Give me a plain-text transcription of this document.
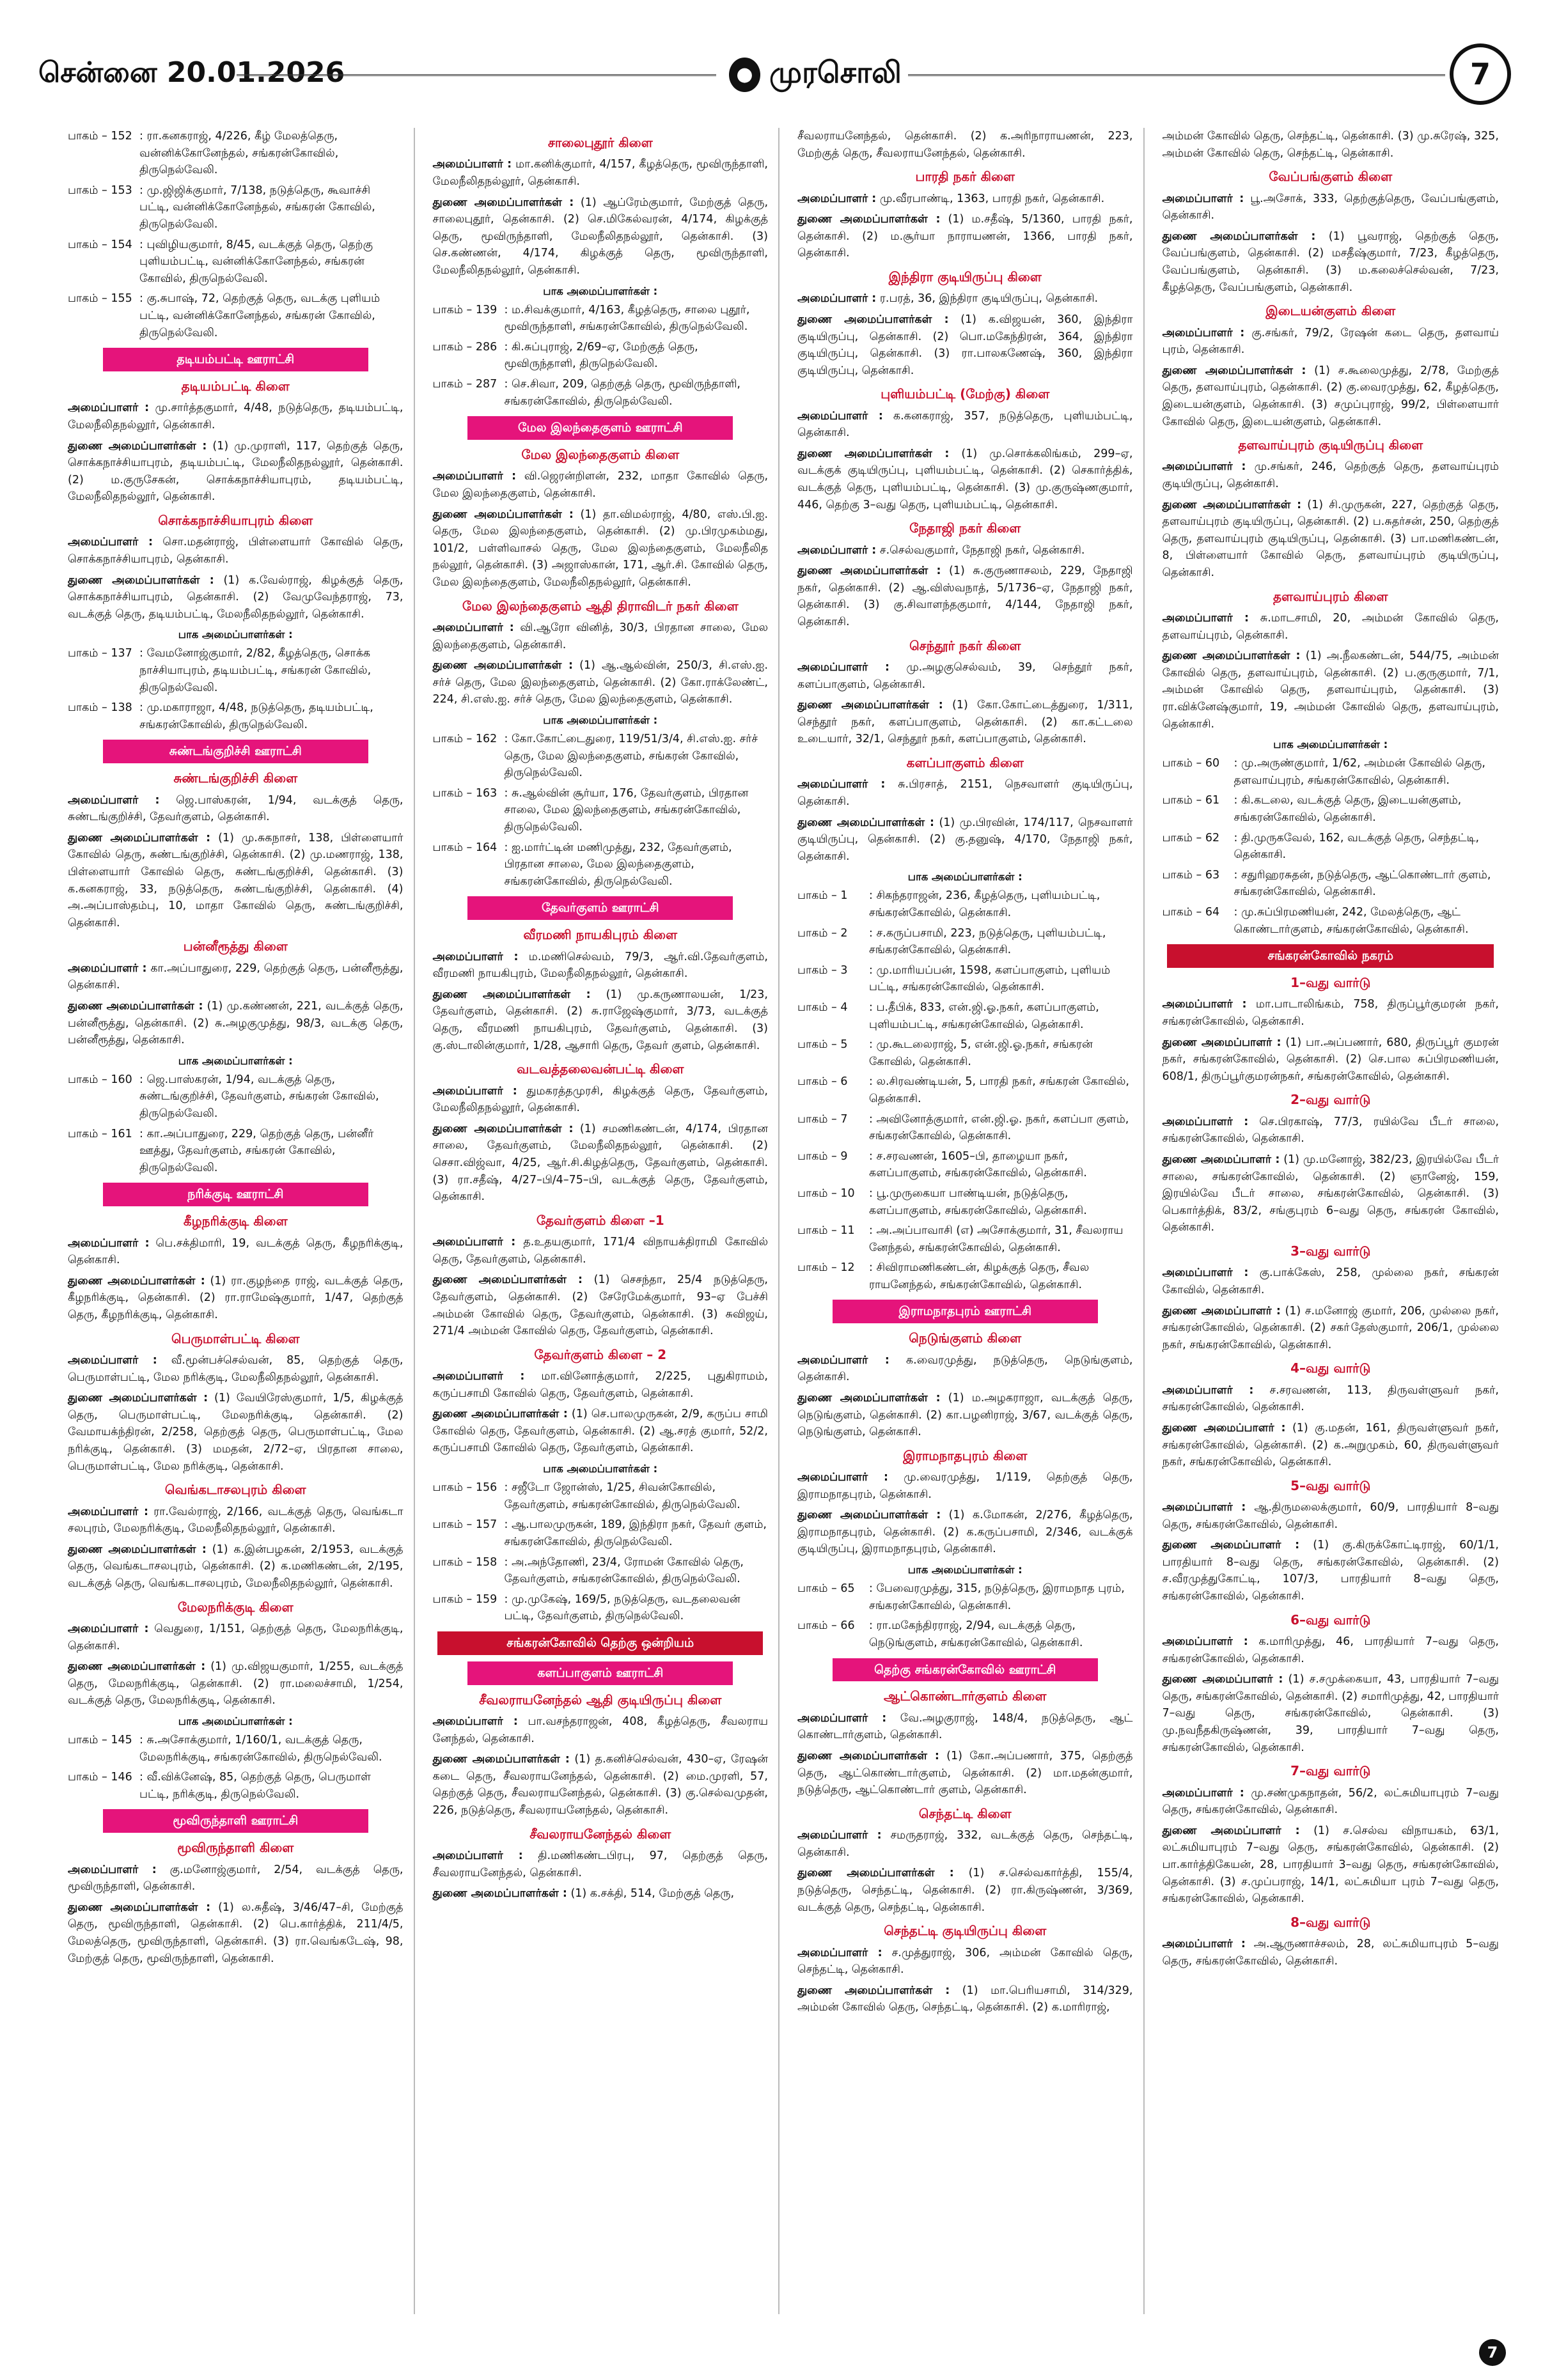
சென்னை 20.01.2026	● முரசொலி	7
பாகம் – 152 : ரா.கனகராஜ், 4/226, கீழ் மேலத்தெரு, வன்னிக்கோனேந்தல், சங்கரன்கோவில், திருநெல்வேலி.
பாகம் – 153 : மு.ஜிஜிக்குமார், 7/138, நடுத்தெரு, கூவாச்சி பட்டி, வன்னிக்கோனேந்தல், சங்கரன் கோவில், திருநெல்வேலி.
பாகம் – 154 : புவிழியகுமார், 8/45, வடக்குத் தெரு, தெற்கு புளியம்பட்டி, வன்னிக்கோனேந்தல், சங்கரன் கோவில், திருநெல்வேலி.
பாகம் – 155 : கு.சுபாஷ், 72, தெற்குத் தெரு, வடக்கு புளியம் பட்டி, வன்னிக்கோனேந்தல், சங்கரன் கோவில், திருநெல்வேலி.
தடியம்பட்டி ஊராட்சி
தடியம்பட்டி கிளை

அமைப்பாளர் : மு.சார்த்தகுமார், 4/48, நடுத்தெரு, தடியம்பட்டி, மேலநீலிதநல்லூர், தென்காசி.

துணை அமைப்பாளர்கள் : (1) மு.முராளி, 117, தெற்குத் தெரு, சொக்கநாச்சியாபுரம், தடியம்பட்டி, மேலநீலிதநல்லூர், தென்காசி. (2) ம.குருசேகன், சொக்கநாச்சியாபுரம், தடியம்பட்டி, மேலநீலிதநல்லூர், தென்காசி.

சொக்கநாச்சியாபுரம் கிளை

அமைப்பாளர் : சொ.மதன்ராஜ், பிள்ளையார் கோவில் தெரு, சொக்கநாச்சியாபுரம், தென்காசி.

துணை அமைப்பாளர்கள் : (1) க.வேல்ராஜ், கிழக்குத் தெரு, சொக்கநாச்சியாபுரம், தென்காசி. (2) வேமுவேந்தராஜ், 73, வடக்குத் தெரு, தடியம்பட்டி, மேலநீலிதநல்லூர், தென்காசி.

பாக அமைப்பாளர்கள் :
பாகம் – 137 : வேமனோஜ்குமார், 2/82, கீழத்தெரு, சொக்க நாச்சியாபுரம், தடியம்பட்டி, சங்கரன் கோவில், திருநெல்வேலி.
பாகம் – 138 : மு.மகாராஜா, 4/48, நடுத்தெரு, தடியம்பட்டி, சங்கரன்கோவில், திருநெல்வேலி.
சுண்டங்குறிச்சி ஊராட்சி
சுண்டங்குறிச்சி கிளை

அமைப்பாளர் : ஜெ.பாஸ்கரன், 1/94, வடக்குத் தெரு, சுண்டங்குறிச்சி, தேவர்குளம், தென்காசி.

துணை அமைப்பாளர்கள் : (1) மு.சுகநாசர், 138, பிள்ளையார் கோவில் தெரு, சுண்டங்குறிச்சி, தென்காசி. (2) மு.மணராஜ், 138, பிள்ளையார் கோவில் தெரு, சுண்டங்குறிச்சி, தென்காசி. (3) க.கனகராஜ், 33, நடுத்தெரு, சுண்டங்குறிச்சி, தென்காசி. (4) அ.அப்பாஸ்தம்பு, 10, மாதா கோவில் தெரு, சுண்டங்குறிச்சி, தென்காசி.

பன்னீரூத்து கிளை

அமைப்பாளர் : கா.அப்பாதுரை, 229, தெற்குத் தெரு, பன்னீரூத்து, தென்காசி.

துணை அமைப்பாளர்கள் : (1) மு.கண்ணன், 221, வடக்குத் தெரு, பன்னீரூத்து, தென்காசி. (2) சு.அழகுமுத்து, 98/3, வடக்கு தெரு, பன்னீரூத்து, தென்காசி.

பாக அமைப்பாளர்கள் :
பாகம் – 160 : ஜெ.பாஸ்கரன், 1/94, வடக்குத் தெரு, சுண்டங்குறிச்சி, தேவர்குளம், சங்கரன் கோவில், திருநெல்வேலி.
பாகம் – 161 : கா.அப்பாதுரை, 229, தெற்குத் தெரு, பன்னீர் ஊத்து, தேவர்குளம், சங்கரன் கோவில், திருநெல்வேலி.
நரிக்குடி ஊராட்சி
கீழநரிக்குடி கிளை

அமைப்பாளர் : பெ.சக்திமாரி, 19, வடக்குத் தெரு, கீழநரிக்குடி, தென்காசி.

துணை அமைப்பாளர்கள் : (1) ரா.குழந்தை ராஜ், வடக்குத் தெரு, கீழநரிக்குடி, தென்காசி. (2) ரா.ராமேஷ்குமார், 1/47, தெற்குத் தெரு, கீழநரிக்குடி, தென்காசி.

பெருமாள்பட்டி கிளை

அமைப்பாளர் : வீ.மூன்பச்செல்வன், 85, தெற்குத் தெரு, பெருமாள்பட்டி, மேல நரிக்குடி, மேலநீலிதநல்லூர், தென்காசி.

துணை அமைப்பாளர்கள் : (1) வேயிரேஸ்குமார், 1/5, கிழக்குத் தெரு, பெருமாள்பட்டி, மேலநரிக்குடி, தென்காசி. (2) வேமாயக்ந்திரன், 2/258, தெற்குத் தெரு, பெருமாள்பட்டி, மேல நரிக்குடி, தென்காசி. (3) மமதன், 2/72–ஏ, பிரதான சாலை, பெருமாள்பட்டி, மேல நரிக்குடி, தென்காசி.

வெங்கடாசலபுரம் கிளை

அமைப்பாளர் : ரா.வேல்ராஜ், 2/166, வடக்குத் தெரு, வெங்கடா சலபுரம், மேலநரிக்குடி, மேலநீலிதநல்லூர், தென்காசி.

துணை அமைப்பாளர்கள் : (1) க.இன்பழகன், 2/1953, வடக்குத் தெரு, வெங்கடாசலபுரம், தென்காசி. (2) க.மணிகண்டன், 2/195, வடக்குத் தெரு, வெங்கடாசலபுரம், மேலநீலிதநல்லூர், தென்காசி.

மேலநரிக்குடி கிளை

அமைப்பாளர் : வெதுரை, 1/151, தெற்குத் தெரு, மேலநரிக்குடி, தென்காசி.

துணை அமைப்பாளர்கள் : (1) மு.விஜயகுமார், 1/255, வடக்குத் தெரு, மேலநரிக்குடி, தென்காசி. (2) ரா.மலைச்சாமி, 1/254, வடக்குத் தெரு, மேலநரிக்குடி, தென்காசி.

பாக அமைப்பாளர்கள் :
பாகம் – 145 : சு.அசோக்குமார், 1/160/1, வடக்குத் தெரு, மேலநரிக்குடி, சங்கரன்கோவில், திருநெல்வேலி.
பாகம் – 146 : வீ.விக்னேஷ், 85, தெற்குத் தெரு, பெருமாள் பட்டி, நரிக்குடி, திருநெல்வேலி.
மூவிருந்தாளி ஊராட்சி
மூவிருந்தாளி கிளை

அமைப்பாளர் : கு.மனோஜ்குமார், 2/54, வடக்குத் தெரு, மூவிருந்தாளி, தென்காசி.

துணை அமைப்பாளர்கள் : (1) ல.சுதீஷ், 3/46/47–சி, மேற்குத் தெரு, மூவிருந்தாளி, தென்காசி. (2) பெ.கார்த்திக், 211/4/5, மேலத்தெரு, மூவிருந்தாளி, தென்காசி. (3) ரா.வெங்கடேஷ், 98, மேற்குத் தெரு, மூவிருந்தாளி, தென்காசி.

சாலைபுதூர் கிளை

அமைப்பாளர் : மா.கனிக்குமார், 4/157, கீழத்தெரு, மூவிருந்தாளி, மேலநீலிதநல்லூர், தென்காசி.

துணை அமைப்பாளர்கள் : (1) ஆப்ரேம்குமார், மேற்குத் தெரு, சாலைபுதூர், தென்காசி. (2) செ.மிகேல்வரன், 4/174, கிழக்குத் தெரு, மூவிருந்தாளி, மேலநீலிதநல்லூர், தென்காசி. (3) செ.கண்ணன், 4/174, கிழக்குத் தெரு, மூவிருந்தாளி, மேலநீலிதநல்லூர், தென்காசி.

பாக அமைப்பாளர்கள் :
பாகம் – 139 : ம.சிவக்குமார், 4/163, கீழத்தெரு, சாலை புதூர், மூவிருந்தாளி, சங்கரன்கோவில், திருநெல்வேலி.
பாகம் – 286 : கி.சுப்புராஜ், 2/69–ஏ, மேற்குத் தெரு, மூவிருந்தாளி, திருநெல்வேலி.
பாகம் – 287 : செ.சிவா, 209, தெற்குத் தெரு, மூவிருந்தாளி, சங்கரன்கோவில், திருநெல்வேலி.
மேல இலந்தைகுளம் ஊராட்சி
மேல இலந்தைகுளம் கிளை

அமைப்பாளர் : வி.ஜெரன்றிளன், 232, மாதா கோவில் தெரு, மேல இலந்தைகுளம், தென்காசி.

துணை அமைப்பாளர்கள் : (1) தா.விமல்ராஜ், 4/80, எஸ்.பி.ஐ. தெரு, மேல இலந்தைகுளம், தென்காசி. (2) மு.பிரமுகம்மது, 101/2, பள்ளிவாசல் தெரு, மேல இலந்தைகுளம், மேலநீலித நல்லூர், தென்காசி. (3) அஜாஸ்கான், 171, ஆர்.சி. கோவில் தெரு, மேல இலந்தைகுளம், மேலநீலிதநல்லூர், தென்காசி.

மேல இலந்தைகுளம் ஆதி திராவிடர் நகர் கிளை

அமைப்பாளர் : வி.ஆரோ வினித், 30/3, பிரதான சாலை, மேல இலந்தைகுளம், தென்காசி.

துணை அமைப்பாளர்கள் : (1) ஆ.ஆல்வின், 250/3, சி.எஸ்.ஐ. சர்ச் தெரு, மேல இலந்தைகுளம், தென்காசி. (2) கோ.ராக்லேண்ட், 224, சி.எஸ்.ஐ. சர்ச் தெரு, மேல இலந்தைகுளம், தென்காசி.

பாக அமைப்பாளர்கள் :
பாகம் – 162 : கோ.கோட்டைதுரை, 119/51/3/4, சி.எஸ்.ஐ. சர்ச் தெரு, மேல இலந்தைகுளம், சங்கரன் கோவில், திருநெல்வேலி.
பாகம் – 163 : சு.ஆல்வின் சூர்யா, 176, தேவர்குளம், பிரதான சாலை, மேல இலந்தைகுளம், சங்கரன்கோவில், திருநெல்வேலி.
பாகம் – 164 : ஐ.மார்ட்டின் மணிமுத்து, 232, தேவர்குளம், பிரதான சாலை, மேல இலந்தைகுளம், சங்கரன்கோவில், திருநெல்வேலி.
தேவர்குளம் ஊராட்சி
வீரமணி நாயகிபுரம் கிளை

அமைப்பாளர் : ம.மணிசெல்வம், 79/3, ஆர்.வி.தேவர்குளம், வீரமணி நாயகிபுரம், மேலநீலிதநல்லூர், தென்காசி.

துணை அமைப்பாளர்கள் : (1) மு.கருணாலயன், 1/23, தேவர்குளம், தென்காசி. (2) சு.ராஜேஷ்குமார், 3/73, வடக்குத் தெரு, வீரமணி நாயகிபுரம், தேவர்குளம், தென்காசி. (3) கு.ஸ்டாலின்குமார், 1/28, ஆசாரி தெரு, தேவர் குளம், தென்காசி.

வடவத்தலைவன்பட்டி கிளை

அமைப்பாளர் : துமகரத்தமுரசி, கிழக்குத் தெரு, தேவர்குளம், மேலநீலிதநல்லூர், தென்காசி.

துணை அமைப்பாளர்கள் : (1) சமணிகண்டன், 4/174, பிரதான சாலை, தேவர்குளம், மேலநீலிதநல்லூர், தென்காசி. (2) செசா.விஜ்வா, 4/25, ஆர்.சி.கிழத்தெரு, தேவர்குளம், தென்காசி. (3) ரா.சதீஷ், 4/27–பி/4–75–பி, வடக்குத் தெரு, தேவர்குளம், தென்காசி.

தேவர்குளம் கிளை –1

அமைப்பாளர் : த.உதயகுமார், 171/4 விநாயக்திராமி கோவில் தெரு, தேவர்குளம், தென்காசி.

துணை அமைப்பாளர்கள் : (1) செசந்தா, 25/4 நடுத்தெரு, தேவர்குளம், தென்காசி. (2) சேரேமேக்குமார், 93–ஏ பேச்சி அம்மன் கோவில் தெரு, தேவர்குளம், தென்காசி. (3) சுவிஜய், 271/4 அம்மன் கோவில் தெரு, தேவர்குளம், தென்காசி.

தேவர்குளம் கிளை – 2

அமைப்பாளர் : மா.வினோத்குமார், 2/225, புதுகிராமம், கருப்பசாமி கோவில் தெரு, தேவர்குளம், தென்காசி.

துணை அமைப்பாளர்கள் : (1) செ.பாலமுருகன், 2/9, கருப்ப சாமி கோவில் தெரு, தேவர்குளம், தென்காசி. (2) ஆ.சரத் குமார், 52/2, கருப்பசாமி கோவில் தெரு, தேவர்குளம், தென்காசி.

பாக அமைப்பாளர்கள் :
பாகம் – 156 : சஜீடோ ஜோன்ஸ், 1/25, சிவன்கோவில், தேவர்குளம், சங்கரன்கோவில், திருநெல்வேலி.
பாகம் – 157 : ஆ.பாலமுருகன், 189, இந்திரா நகர், தேவர் குளம், சங்கரன்கோவில், திருநெல்வேலி.
பாகம் – 158 : அ.அந்தோணி, 23/4, ரோமன் கோவில் தெரு, தேவர்குளம், சங்கரன்கோவில், திருநெல்வேலி.
பாகம் – 159 : மு.முகேஷ், 169/5, நடுத்தெரு, வடதலைவன் பட்டி, தேவர்குளம், திருநெல்வேலி.
சங்கரன்கோவில் தெற்கு ஒன்றியம்
களப்பாகுளம் ஊராட்சி
சீவலராயனேந்தல் ஆதி குடியிருப்பு கிளை

அமைப்பாளர் : பா.வசந்தராஜன், 408, கீழத்தெரு, சீவலராய னேந்தல், தென்காசி.

துணை அமைப்பாளர்கள் : (1) த.கனிச்செல்வன், 430–ஏ, ரேஷன் கடை தெரு, சீவலராயனேந்தல், தென்காசி. (2) மை.முரளி, 57, தெற்குத் தெரு, சீவலராயனேந்தல், தென்காசி. (3) கு.செல்வமுதன், 226, நடுத்தெரு, சீவலராயனேந்தல், தென்காசி.

சீவலராயனேந்தல் கிளை

அமைப்பாளர் : தி.மணிகண்டபிரபு, 97, தெற்குத் தெரு, சீவலராயனேந்தல், தென்காசி.

துணை அமைப்பாளர்கள் : (1) க.சக்தி, 514, மேற்குத் தெரு,

சீவலராயனேந்தல், தென்காசி. (2) க.அரிநாராயணன், 223, மேற்குத் தெரு, சீவலராயனேந்தல், தென்காசி.

பாரதி நகர் கிளை

அமைப்பாளர் : மு.வீரபாண்டி, 1363, பாரதி நகர், தென்காசி.

துணை அமைப்பாளர்கள் : (1) ம.சதீஷ், 5/1360, பாரதி நகர், தென்காசி. (2) ம.சூர்யா நாராயணன், 1366, பாரதி நகர், தென்காசி.

இந்திரா குடியிருப்பு கிளை

அமைப்பாளர் : ர.பரத், 36, இந்திரா குடியிருப்பு, தென்காசி.

துணை அமைப்பாளர்கள் : (1) க.விஜயன், 360, இந்திரா குடியிருப்பு, தென்காசி. (2) பொ.மகேந்திரன், 364, இந்திரா குடியிருப்பு, தென்காசி. (3) ரா.பாலகணேஷ், 360, இந்திரா குடியிருப்பு, தென்காசி.

புளியம்பட்டி (மேற்கு) கிளை

அமைப்பாளர் : க.கனகராஜ், 357, நடுத்தெரு, புளியம்பட்டி, தென்காசி.

துணை அமைப்பாளர்கள் : (1) மு.சொக்கலிங்கம், 299–ஏ, வடக்குக் குடியிருப்பு, புளியம்பட்டி, தென்காசி. (2) செகார்த்திக், வடக்குத் தெரு, புளியம்பட்டி, தென்காசி. (3) மு.குருஷ்ணகுமார், 446, தெற்கு 3–வது தெரு, புளியம்பட்டி, தென்காசி.

நேதாஜி நகர் கிளை

அமைப்பாளர் : ச.செல்வகுமார், நேதாஜி நகர், தென்காசி.

துணை அமைப்பாளர்கள் : (1) சு.குருணாசலம், 229, நேதாஜி நகர், தென்காசி. (2) ஆ.விஸ்வநாத், 5/1736–ஏ, நேதாஜி நகர், தென்காசி. (3) கு.சிவாளந்தகுமார், 4/144, நேதாஜி நகர், தென்காசி.

செந்தூர் நகர் கிளை

அமைப்பாளர் : மு.அழகுசெல்வம், 39, செந்தூர் நகர், களப்பாகுளம், தென்காசி.

துணை அமைப்பாளர்கள் : (1) கோ.கோட்டைத்துரை, 1/311, செந்தூர் நகர், களப்பாகுளம், தென்காசி. (2) கா.கட்டலை உடையார், 32/1, செந்தூர் நகர், களப்பாகுளம், தென்காசி.

களப்பாகுளம் கிளை

அமைப்பாளர் : சு.பிரசாத், 2151, நெசவாளர் குடியிருப்பு, தென்காசி.

துணை அமைப்பாளர்கள் : (1) மு.பிரவின், 174/117, நெசவாளர் குடியிருப்பு, தென்காசி. (2) கு.தனுஷ், 4/170, நேதாஜி நகர், தென்காசி.

பாக அமைப்பாளர்கள் :
பாகம் – 1	: சிகந்தராஜன், 236, கீழத்தெரு, புளியம்பட்டி, சங்கரன்கோவில், தென்காசி.
பாகம் – 2	: ச.கருப்பசாமி, 223, நடுத்தெரு, புளியம்பட்டி, சங்கரன்கோவில், தென்காசி.
பாகம் – 3	: மு.மாரியப்பன், 1598, களப்பாகுளம், புளியம் பட்டி, சங்கரன்கோவில், தென்காசி.
பாகம் – 4	: ப.தீபிக், 833, என்.ஜி.ஓ.நகர், களப்பாகுளம், புளியம்பட்டி, சங்கரன்கோவில், தென்காசி.
பாகம் – 5	: மு.கூடலைராஜ், 5, என்.ஜி.ஓ.நகர், சங்கரன் கோவில், தென்காசி.
பாகம் – 6	: ல.சிரவண்டியன், 5, பாரதி நகர், சங்கரன் கோவில், தென்காசி.
பாகம் – 7	: அவினோத்குமார், என்.ஜி.ஓ. நகர், களப்பா குளம், சங்கரன்கோவில், தென்காசி.
பாகம் – 9	: ச.சரவணன், 1605–பி, தாழையா நகர், களப்பாகுளம், சங்கரன்கோவில், தென்காசி.
பாகம் – 10	: பூ.முருகையா பாண்டியன், நடுத்தெரு, களப்பாகுளம், சங்கரன்கோவில், தென்காசி.
பாகம் – 11	: அ.அப்பாவாசி (எ) அசோக்குமார், 31, சீவலராய னேந்தல், சங்கரன்கோவில், தென்காசி.
பாகம் – 12	: சிவிராமணிகண்டன், கிழக்குத் தெரு, சீவல ராயனேந்தல், சங்கரன்கோவில், தென்காசி.
இராமநாதபுரம் ஊராட்சி
நெடுங்குளம் கிளை

அமைப்பாளர் : க.வைரமுத்து, நடுத்தெரு, நெடுங்குளம், தென்காசி.

துணை அமைப்பாளர்கள் : (1) ம.அழகராஜா, வடக்குத் தெரு, நெடுங்குளம், தென்காசி. (2) கா.பழனிராஜ், 3/67, வடக்குத் தெரு, நெடுங்குளம், தென்காசி.

இராமநாதபுரம் கிளை

அமைப்பாளர் : மு.வைரமுத்து, 1/119, தெற்குத் தெரு, இராமநாதபுரம், தென்காசி.

துணை அமைப்பாளர்கள் : (1) க.மோகன், 2/276, கீழத்தெரு, இராமநாதபுரம், தென்காசி. (2) க.கருப்பசாமி, 2/346, வடக்குக் குடியிருப்பு, இராமநாதபுரம், தென்காசி.

பாக அமைப்பாளர்கள் :
பாகம் – 65	: பேவைரமுத்து, 315, நடுத்தெரு, இராமநாத புரம், சங்கரன்கோவில், தென்காசி.
பாகம் – 66	: ரா.மகேந்திரராஜ், 2/94, வடக்குத் தெரு, நெடுங்குளம், சங்கரன்கோவில், தென்காசி.
தெற்கு சங்கரன்கோவில் ஊராட்சி
ஆட்கொண்டார்குளம் கிளை

அமைப்பாளர் : வே.அழகுராஜ், 148/4, நடுத்தெரு, ஆட் கொண்டார்குளம், தென்காசி.

துணை அமைப்பாளர்கள் : (1) கோ.அப்பணார், 375, தெற்குத் தெரு, ஆட்கொண்டார்குளம், தென்காசி. (2) மா.மதன்குமார், நடுத்தெரு, ஆட்கொண்டார் குளம், தென்காசி.

செந்தட்டி கிளை

அமைப்பாளர் : சமருதராஜ், 332, வடக்குத் தெரு, செந்தட்டி, தென்காசி.

துணை அமைப்பாளர்கள் : (1) ச.செல்வகார்த்தி, 155/4, நடுத்தெரு, செந்தட்டி, தென்காசி. (2) ரா.கிருஷ்ணன், 3/369, வடக்குத் தெரு, செந்தட்டி, தென்காசி.

செந்தட்டி குடியிருப்பு கிளை

அமைப்பாளர் : ச.முத்துராஜ், 306, அம்மன் கோவில் தெரு, செந்தட்டி, தென்காசி.

துணை அமைப்பாளர்கள் : (1) மா.பெரியசாமி, 314/329, அம்மன் கோவில் தெரு, செந்தட்டி, தென்காசி. (2) க.மாரிராஜ்,

அம்மன் கோவில் தெரு, செந்தட்டி, தென்காசி. (3) மு.சுரேஷ், 325, அம்மன் கோவில் தெரு, செந்தட்டி, தென்காசி.

வேப்பங்குளம் கிளை

அமைப்பாளர் : பூ.அசோக், 333, தெற்குத்தெரு, வேப்பங்குளம், தென்காசி.

துணை அமைப்பாளர்கள் : (1) பூவராஜ், தெற்குத் தெரு, வேப்பங்குளம், தென்காசி. (2) மசதீஷ்குமார், 7/23, கீழத்தெரு, வேப்பங்குளம், தென்காசி. (3) ம.கலைச்செல்வன், 7/23, கீழத்தெரு, வேப்பங்குளம், தென்காசி.

இடையன்குளம் கிளை

அமைப்பாளர் : கு.சங்கர், 79/2, ரேஷன் கடை தெரு, தளவாய் புரம், தென்காசி.

துணை அமைப்பாளர்கள் : (1) ச.கூலைமுத்து, 2/78, மேற்குத் தெரு, தளவாய்புரம், தென்காசி. (2) கு.வைரமுத்து, 62, கீழத்தெரு, இடையன்குளம், தென்காசி. (3) சமுப்புராஜ், 99/2, பிள்ளையார் கோவில் தெரு, இடையன்குளம், தென்காசி.

தளவாய்புரம் குடியிருப்பு கிளை

அமைப்பாளர் : மு.சங்கர், 246, தெற்குத் தெரு, தளவாய்புரம் குடியிருப்பு, தென்காசி.

துணை அமைப்பாளர்கள் : (1) சி.முருகன், 227, தெற்குத் தெரு, தளவாய்புரம் குடியிருப்பு, தென்காசி. (2) ப.சுதர்சன், 250, தெற்குத் தெரு, தளவாய்புரம் குடியிருப்பு, தென்காசி. (3) பா.மணிகண்டன், 8, பிள்ளையார் கோவில் தெரு, தளவாய்புரம் குடியிருப்பு, தென்காசி.

தளவாய்புரம் கிளை

அமைப்பாளர் : சு.மாடசாமி, 20, அம்மன் கோவில் தெரு, தளவாய்புரம், தென்காசி.

துணை அமைப்பாளர்கள் : (1) அ.நீலகண்டன், 544/75, அம்மன் கோவில் தெரு, தளவாய்புரம், தென்காசி. (2) ப.குருகுமார், 7/1, அம்மன் கோவில் தெரு, தளவாய்புரம், தென்காசி. (3) ரா.விக்னேஷ்குமார், 19, அம்மன் கோவில் தெரு, தளவாய்புரம், தென்காசி.

பாக அமைப்பாளர்கள் :
பாகம் – 60	: மு.அருண்குமார், 1/62, அம்மன் கோவில் தெரு, தளவாய்புரம், சங்கரன்கோவில், தென்காசி.
பாகம் – 61	: கி.கடலை, வடக்குத் தெரு, இடையன்குளம், சங்கரன்கோவில், தென்காசி.
பாகம் – 62	: தி.முருகவேல், 162, வடக்குத் தெரு, செந்தட்டி, தென்காசி.
பாகம் – 63	: சதுரிஹரசுதன், நடுத்தெரு, ஆட்கொண்டார் குளம், சங்கரன்கோவில், தென்காசி.
பாகம் – 64	: மு.சுப்பிரமணியன், 242, மேலத்தெரு, ஆட் கொண்டார்குளம், சங்கரன்கோவில், தென்காசி.
சங்கரன்கோவில் நகரம்
1–வது வார்டு

அமைப்பாளர் : மா.பாடாலிங்கம், 758, திருப்பூர்குமரன் நகர், சங்கரன்கோவில், தென்காசி.

துணை அமைப்பாளர் : (1) பா.அப்பணார், 680, திருப்பூர் குமரன் நகர், சங்கரன்கோவில், தென்காசி. (2) செ.பால சுப்பிரமணியன், 608/1, திருப்பூர்குமரன்நகர், சங்கரன்கோவில், தென்காசி.

2–வது வார்டு

அமைப்பாளர் : செ.பிரகாஷ், 77/3, ரயில்வே பீடர் சாலை, சங்கரன்கோவில், தென்காசி.

துணை அமைப்பாளர் : (1) மு.மனோஜ், 382/23, இரயில்வே பீடர் சாலை, சங்கரன்கோவில், தென்காசி. (2) ஞானேஜ், 159, இரயில்வே பீடர் சாலை, சங்கரன்கோவில், தென்காசி. (3) பெகார்த்திக், 83/2, சங்குபுரம் 6–வது தெரு, சங்கரன் கோவில், தென்காசி.

3–வது வார்டு

அமைப்பாளர் : கு.பாக்கேஸ், 258, முல்லை நகர், சங்கரன் கோவில், தென்காசி.

துணை அமைப்பாளர் : (1) ச.மனோஜ் குமார், 206, முல்லை நகர், சங்கரன்கோவில், தென்காசி. (2) சகா்தேஸ்குமார், 206/1, முல்லை நகர், சங்கரன்கோவில், தென்காசி.

4–வது வார்டு

அமைப்பாளர் : ச.சரவணன், 113, திருவள்ளுவர் நகர், சங்கரன்கோவில், தென்காசி.

துணை அமைப்பாளர் : (1) கு.மதன், 161, திருவள்ளுவர் நகர், சங்கரன்கோவில், தென்காசி. (2) க.அறுமுகம், 60, திருவள்ளுவர் நகர், சங்கரன்கோவில், தென்காசி.

5–வது வார்டு

அமைப்பாளர் : ஆ.திருமலைக்குமார், 60/9, பாரதியார் 8–வது தெரு, சங்கரன்கோவில், தென்காசி.

துணை அமைப்பாளர் : (1) கு.கிருக்கோட்டிராஜ், 60/1/1, பாரதியார் 8–வது தெரு, சங்கரன்கோவில், தென்காசி. (2) ச.வீரமுத்துகோட்டி, 107/3, பாரதியார் 8–வது தெரு, சங்கரன்கோவில், தென்காசி.

6–வது வார்டு

அமைப்பாளர் : க.மாரிமுத்து, 46, பாரதியார் 7–வது தெரு, சங்கரன்கோவில், தென்காசி.

துணை அமைப்பாளர் : (1) ச.சமுக்கையா, 43, பாரதியார் 7–வது தெரு, சங்கரன்கோவில், தென்காசி. (2) சமாரிமுத்து, 42, பாரதியார் 7–வது தெரு, சங்கரன்கோவில், தென்காசி. (3) மு.நவநீதகிருஷ்ணன், 39, பாரதியார் 7–வது தெரு, சங்கரன்கோவில், தென்காசி.

7–வது வார்டு

அமைப்பாளர் : மு.சண்முகநாதன், 56/2, லட்சுமியாபுரம் 7–வது தெரு, சங்கரன்கோவில், தென்காசி.

துணை அமைப்பாளர் : (1) ச.செல்வ விநாயகம், 63/1, லட்சுமியாபுரம் 7–வது தெரு, சங்கரன்கோவில், தென்காசி. (2) பா.கார்த்திகேயன், 28, பாரதியார் 3–வது தெரு, சங்கரன்கோவில், தென்காசி. (3) ச.முப்பராஜ், 14/1, லட்சுமியா புரம் 7–வது தெரு, சங்கரன்கோவில், தென்காசி.

8–வது வார்டு

அமைப்பாளர் : அ.ஆருணாச்சலம், 28, லட்சுமியாபுரம் 5–வது தெரு, சங்கரன்கோவில், தென்காசி.

7
